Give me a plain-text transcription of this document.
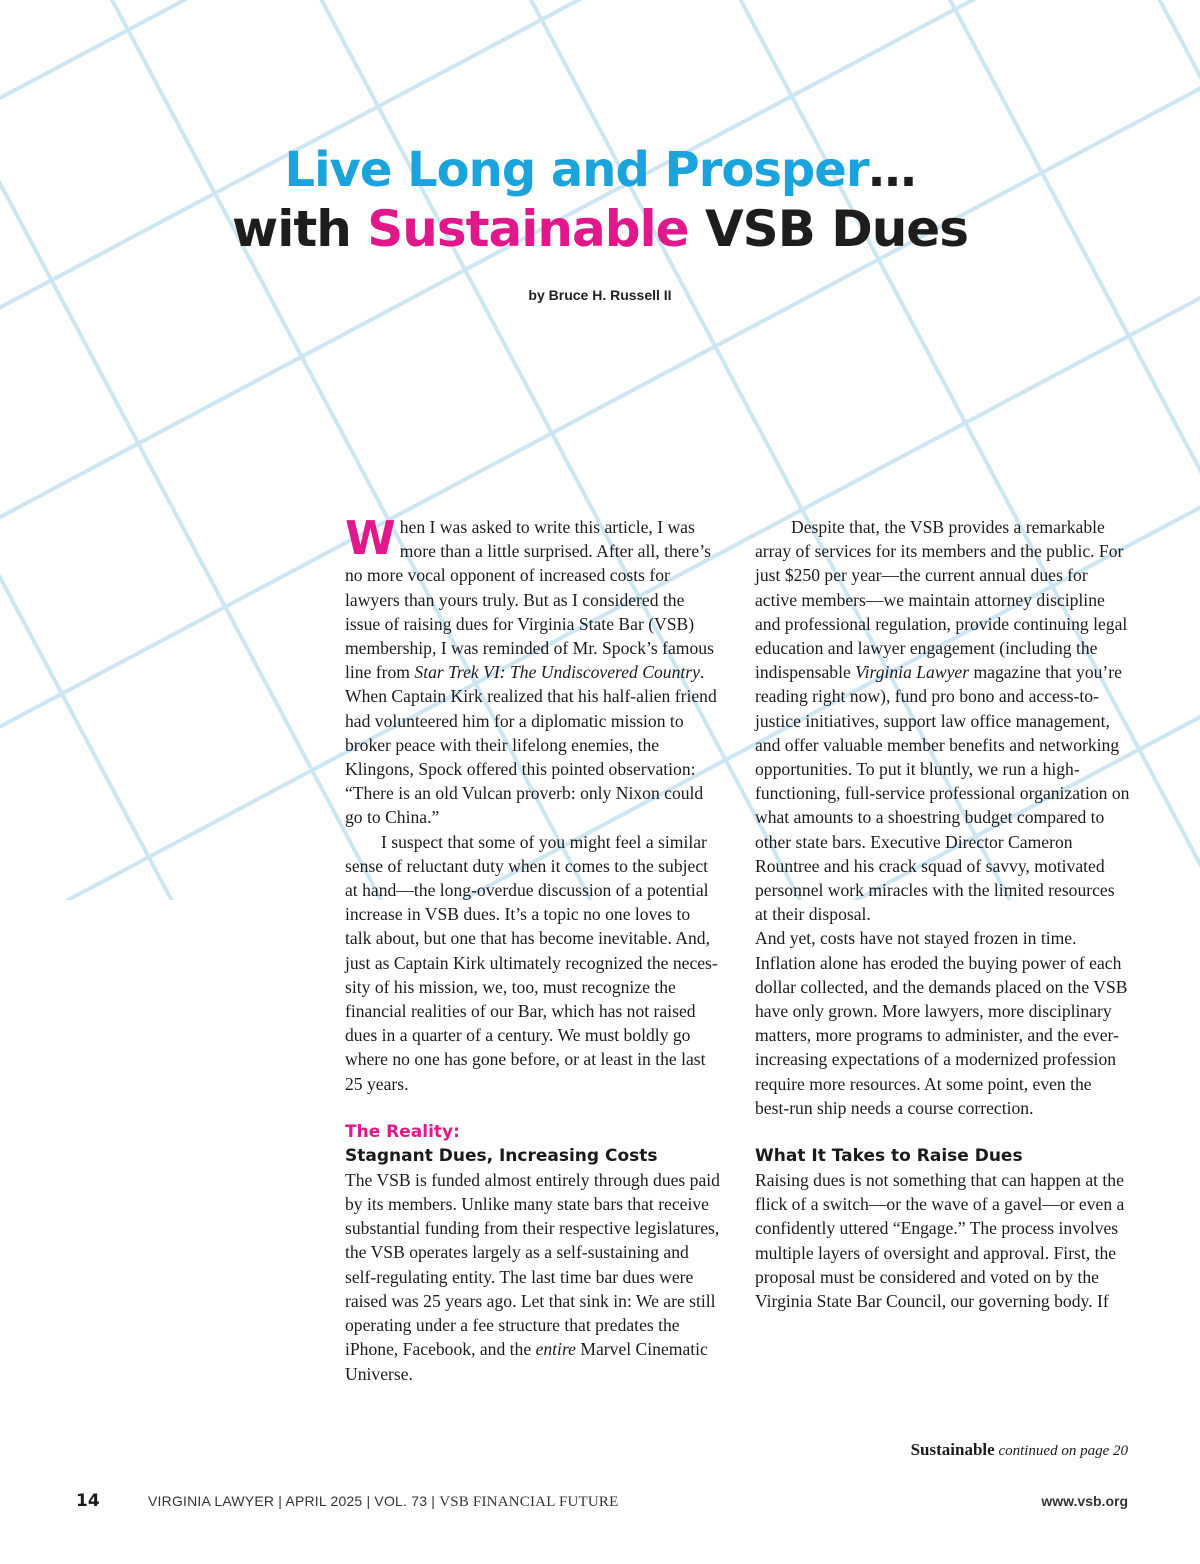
Live Long and Prosper…
with Sustainable VSB Dues
by Bruce H. Russell II

When I was asked to write this article, I was more than a little surprised. After all, there’s no more vocal opponent of increased costs for lawyers than yours truly. But as I considered the issue of raising dues for Virginia State Bar (VSB) membership, I was reminded of Mr. Spock’s famous line from Star Trek VI: The Undiscovered Country. When Captain Kirk realized that his half-alien friend had volunteered him for a diplomatic mission to broker peace with their lifelong enemies, the Klingons, Spock offered this pointed observation: “There is an old Vulcan proverb: only Nixon could go to China.”

I suspect that some of you might feel a similar sense of reluctant duty when it comes to the subject at hand—the long-overdue discussion of a potential increase in VSB dues. It’s a topic no one loves to talk about, but one that has become inevitable. And, just as Captain Kirk ultimately recognized the necessity of his mission, we, too, must recognize the financial realities of our Bar, which has not raised dues in a quarter of a century. We must boldly go where no one has gone before, or at least in the last 25 years.

The Reality:
Stagnant Dues, Increasing Costs

The VSB is funded almost entirely through dues paid by its members. Unlike many state bars that receive substantial funding from their respective legislatures, the VSB operates largely as a self-sustaining and self-regulating entity. The last time bar dues were raised was 25 years ago. Let that sink in: We are still operating under a fee structure that predates the iPhone, Facebook, and the entire Marvel Cinematic Universe.

Despite that, the VSB provides a remarkable array of services for its members and the public. For just $250 per year—the current annual dues for active members—we maintain attorney discipline and professional regulation, provide continuing legal education and lawyer engagement (including the indispensable Virginia Lawyer magazine that you’re reading right now), fund pro bono and access-to-justice initiatives, support law office management, and offer valuable member benefits and networking opportunities. To put it bluntly, we run a high-functioning, full-service professional organization on what amounts to a shoestring budget compared to other state bars. Executive Director Cameron Rountree and his crack squad of savvy, motivated personnel work miracles with the limited resources at their disposal.

And yet, costs have not stayed frozen in time. Inflation alone has eroded the buying power of each dollar collected, and the demands placed on the VSB have only grown. More lawyers, more disciplinary matters, more programs to administer, and the ever-increasing expectations of a modernized profession require more resources. At some point, even the best-run ship needs a course correction.

What It Takes to Raise Dues

Raising dues is not something that can happen at the flick of a switch—or the wave of a gavel—or even a confidently uttered “Engage.” The process involves multiple layers of oversight and approval. First, the proposal must be considered and voted on by the Virginia State Bar Council, our governing body. If

Sustainable continued on page 20
14	VIRGINIA LAWYER | APRIL 2025 | VOL. 73 | VSB FINANCIAL FUTURE	www.vsb.org
